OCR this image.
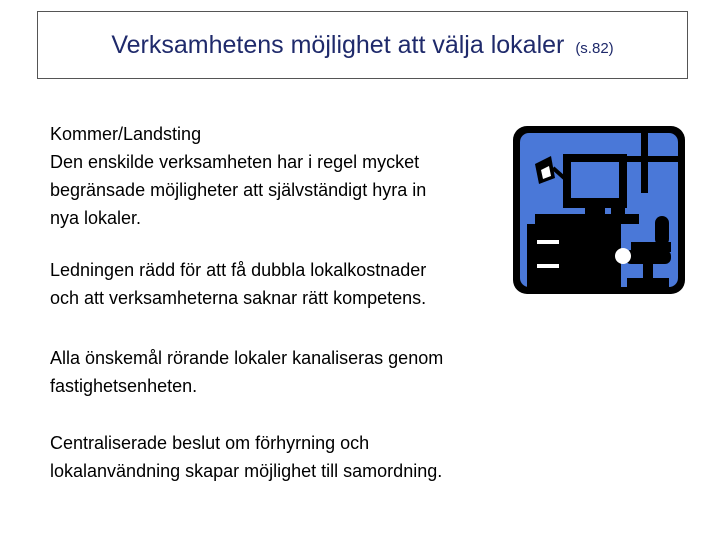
Verksamhetens möjlighet att välja lokaler (s.82)
Kommer/Landsting
Den enskilde verksamheten har i regel mycket
begränsade möjligheter att självständigt hyra in
nya lokaler.
Ledningen rädd för att få dubbla lokalkostnader
och att verksamheterna saknar rätt kompetens.
Alla önskemål rörande lokaler kanaliseras genom
fastighetsenheten.
Centraliserade beslut om förhyrning och
lokalanvändning skapar möjlighet till samordning.
